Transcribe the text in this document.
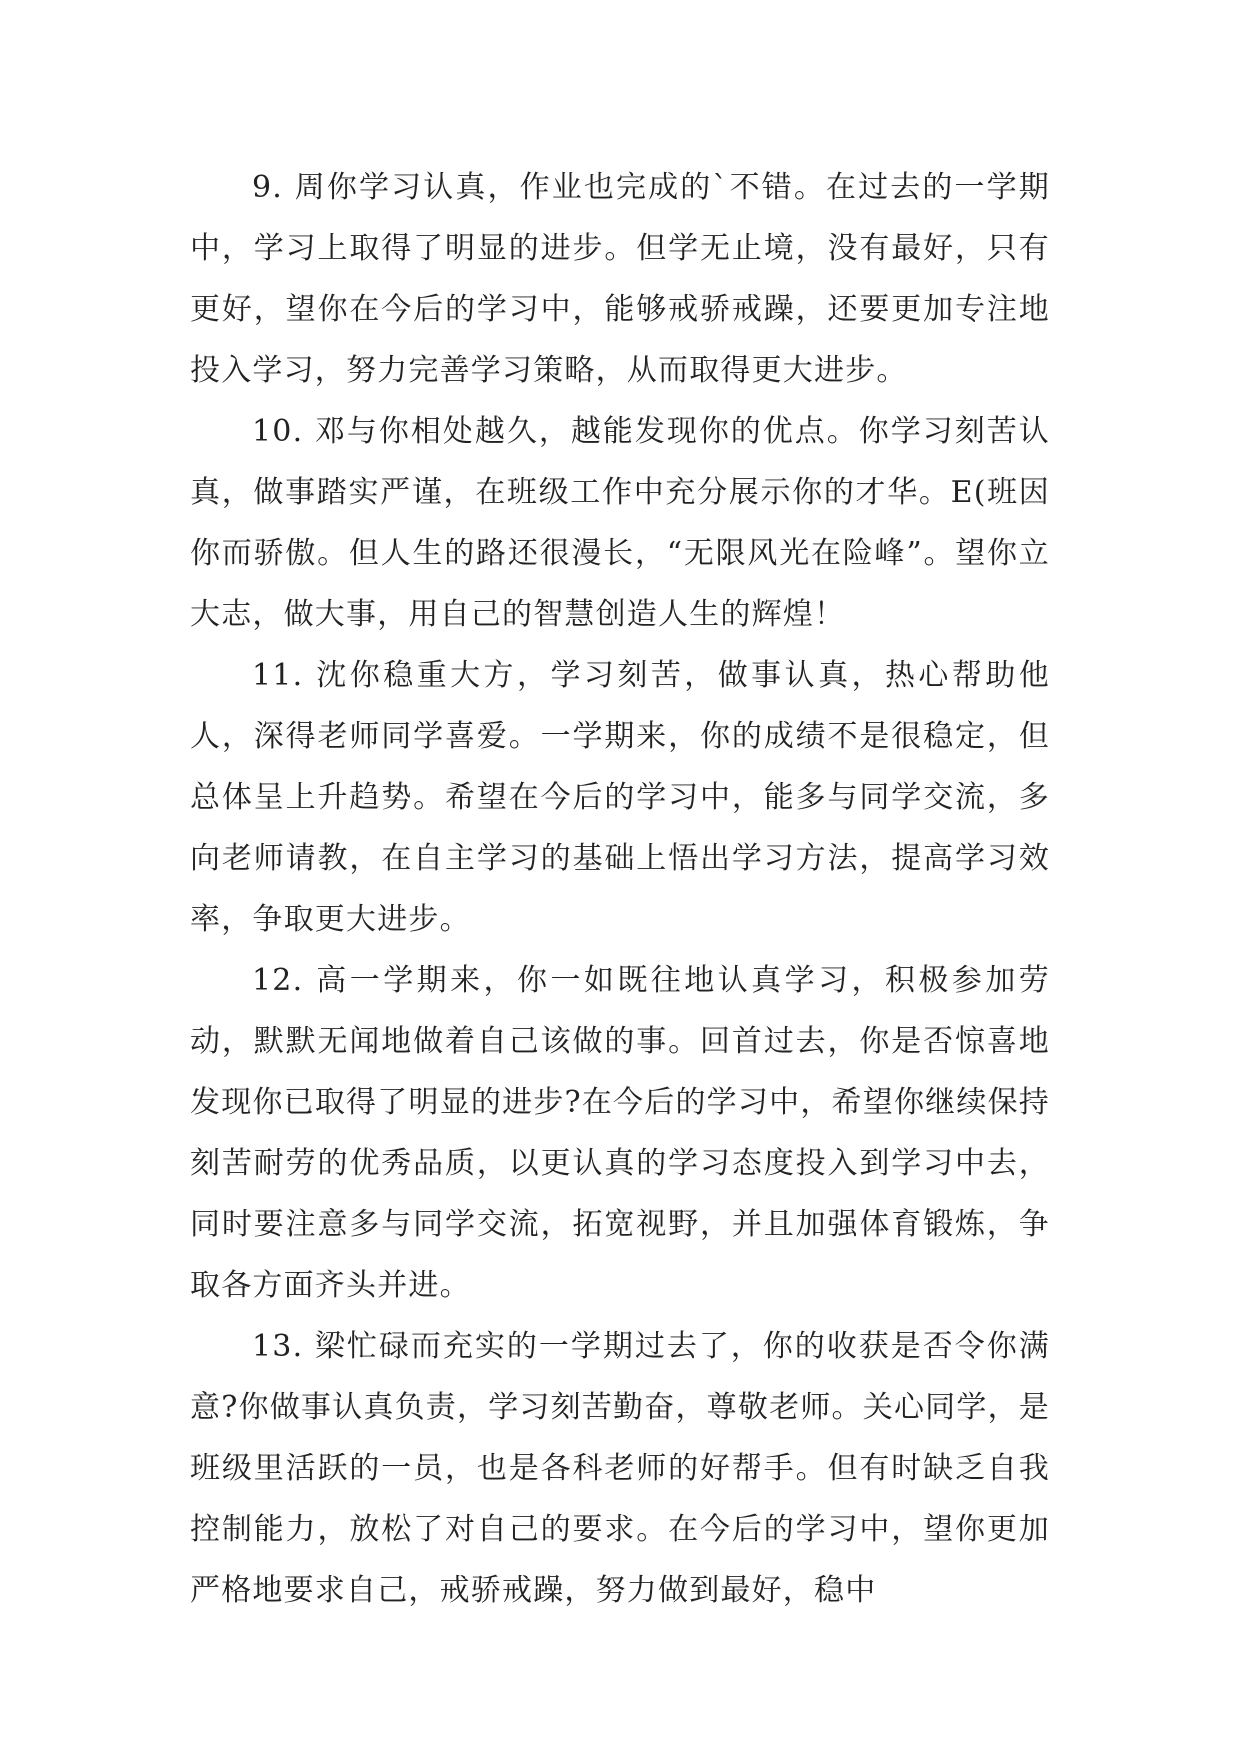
9. 周你学习认真，作业也完成的`不错。在过去的一学期中，学习上取得了明显的进步。但学无止境，没有最好，只有更好，望你在今后的学习中，能够戒骄戒躁，还要更加专注地投入学习，努力完善学习策略，从而取得更大进步。

10. 邓与你相处越久，越能发现你的优点。你学习刻苦认真，做事踏实严谨，在班级工作中充分展示你的才华。E(班因你而骄傲。但人生的路还很漫长，“无限风光在险峰”。望你立大志，做大事，用自己的智慧创造人生的辉煌！

11. 沈你稳重大方，学习刻苦，做事认真，热心帮助他人，深得老师同学喜爱。一学期来，你的成绩不是很稳定，但总体呈上升趋势。希望在今后的学习中，能多与同学交流，多向老师请教，在自主学习的基础上悟出学习方法，提高学习效率，争取更大进步。

12. 高一学期来，你一如既往地认真学习，积极参加劳动，默默无闻地做着自己该做的事。回首过去，你是否惊喜地发现你已取得了明显的进步?在今后的学习中，希望你继续保持刻苦耐劳的优秀品质，以更认真的学习态度投入到学习中去，同时要注意多与同学交流，拓宽视野，并且加强体育锻炼，争取各方面齐头并进。

13. 梁忙碌而充实的一学期过去了，你的收获是否令你满意?你做事认真负责，学习刻苦勤奋，尊敬老师。关心同学，是班级里活跃的一员，也是各科老师的好帮手。但有时缺乏自我控制能力，放松了对自己的要求。在今后的学习中，望你更加严格地要求自己，戒骄戒躁，努力做到最好，稳中
